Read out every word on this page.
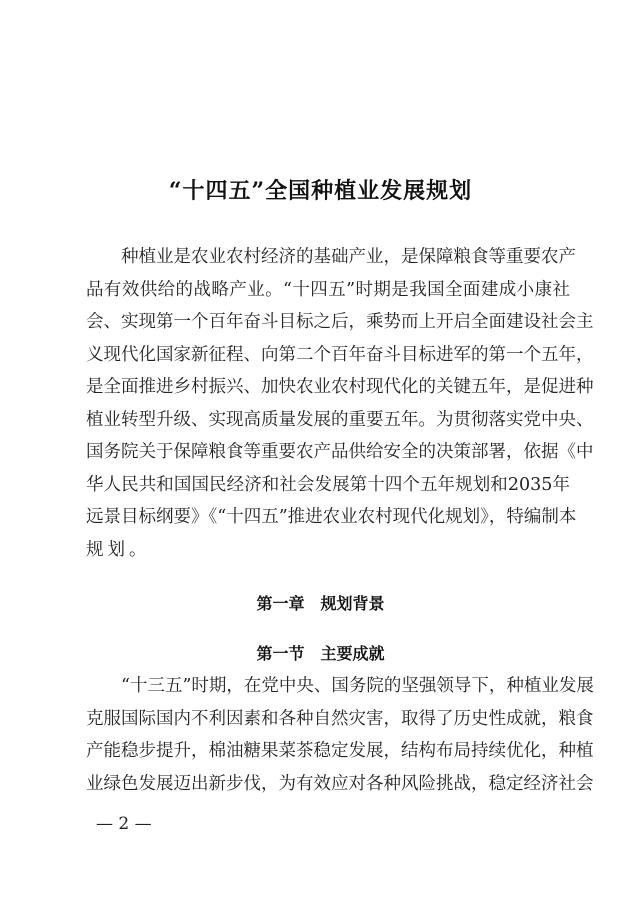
“十四五”全国种植业发展规划
　　种植业是农业农村经济的基础产业，是保障粮食等重要农产
品有效供给的战略产业。“十四五”时期是我国全面建成小康社
会、实现第一个百年奋斗目标之后，乘势而上开启全面建设社会主
义现代化国家新征程、向第二个百年奋斗目标进军的第一个五年，
是全面推进乡村振兴、加快农业农村现代化的关键五年，是促进种
植业转型升级、实现高质量发展的重要五年。为贯彻落实党中央、
国务院关于保障粮食等重要农产品供给安全的决策部署，依据《中
华人民共和国国民经济和社会发展第十四个五年规划和2035年
远景目标纲要》《“十四五”推进农业农村现代化规划》，特编制本
规划。
第一章　规划背景
第一节　主要成就
　　“十三五”时期，在党中央、国务院的坚强领导下，种植业发展
克服国际国内不利因素和各种自然灾害，取得了历史性成就，粮食
产能稳步提升，棉油糖果菜茶稳定发展，结构布局持续优化，种植
业绿色发展迈出新步伐，为有效应对各种风险挑战，稳定经济社会
— 2 —
